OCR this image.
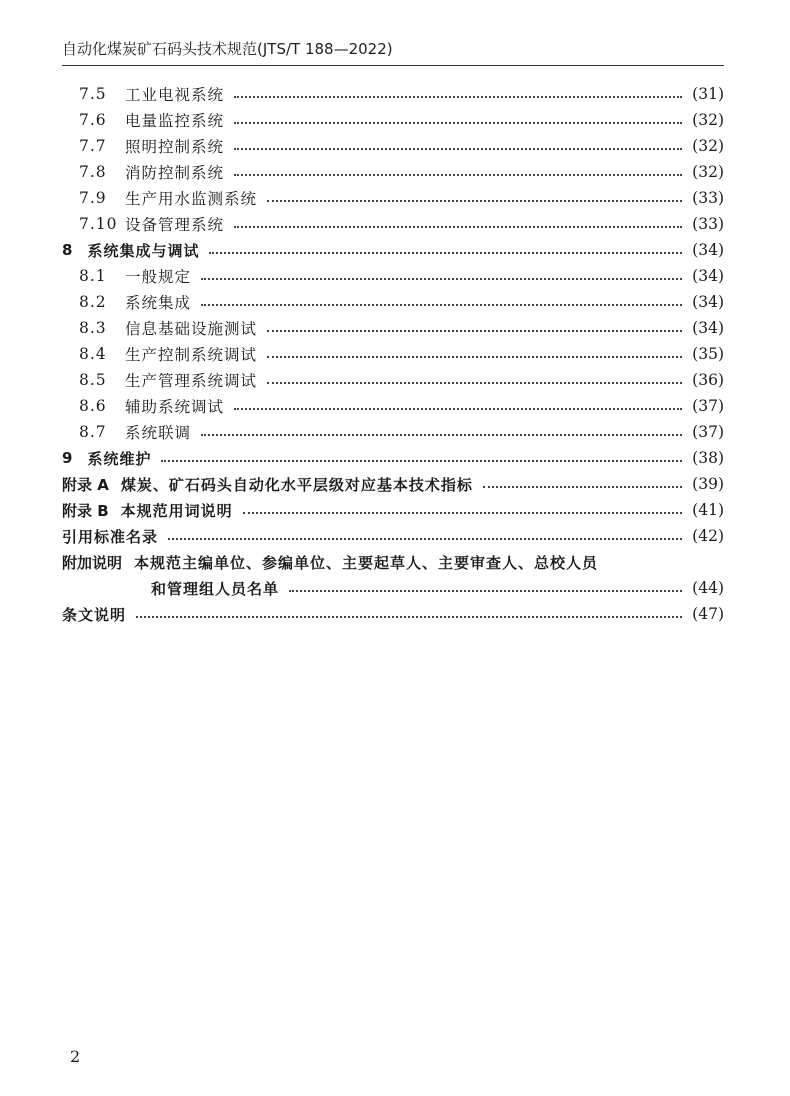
自动化煤炭矿石码头技术规范(JTS/T 188—2022)
7.5	工业电视系统	(31)
7.6	电量监控系统	(32)
7.7	照明控制系统	(32)
7.8	消防控制系统	(32)
7.9	生产用水监测系统	(33)
7.10 设备管理系统	(33)
8 系统集成与调试	(34)
8.1	一般规定	(34)
8.2	系统集成	(34)
8.3	信息基础设施测试	(34)
8.4	生产控制系统调试	(35)
8.5	生产管理系统调试	(36)
8.6	辅助系统调试	(37)
8.7	系统联调	(37)
9 系统维护	(38)
附录 A 煤炭、矿石码头自动化水平层级对应基本技术指标	(39)
附录 B 本规范用词说明	(41)
引用标准名录	(42)
附加说明 本规范主编单位、参编单位、主要起草人、主要审查人、总校人员
和管理组人员名单	(44)
条文说明	(47)
2
